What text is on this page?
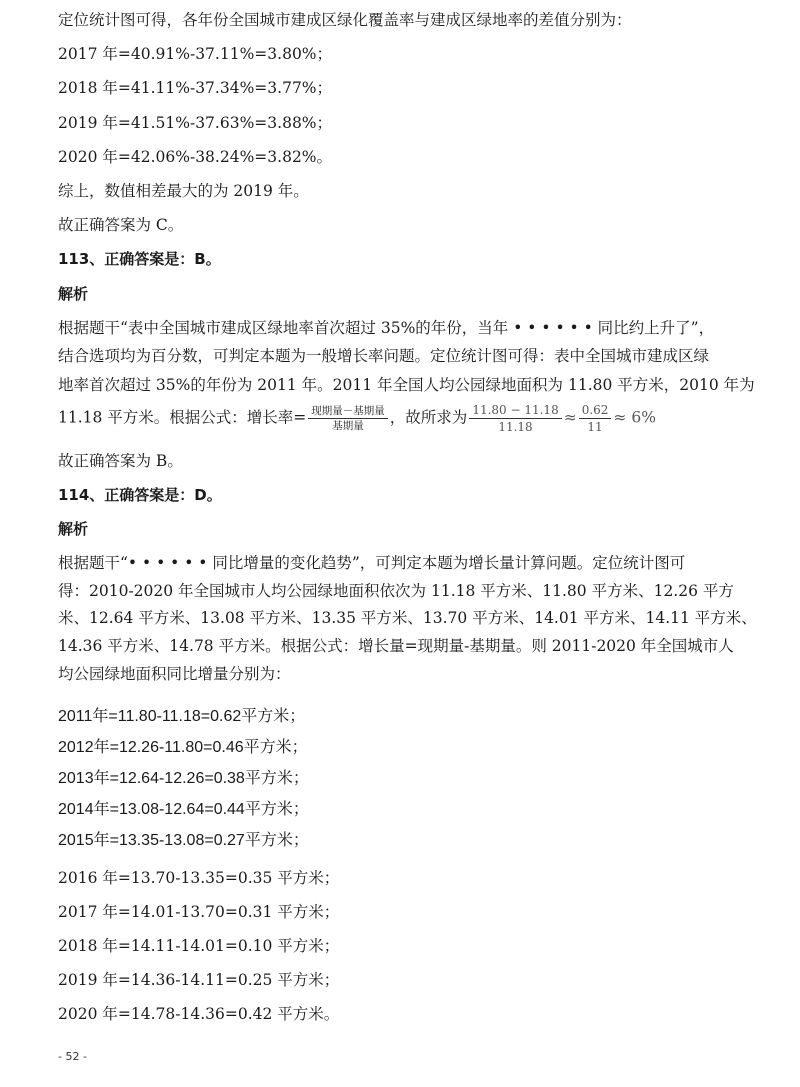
定位统计图可得，各年份全国城市建成区绿化覆盖率与建成区绿地率的差值分别为：
2017 年=40.91%-37.11%=3.80%；
2018 年=41.11%-37.34%=3.77%；
2019 年=41.51%-37.63%=3.88%；
2020 年=42.06%-38.24%=3.82%。
综上，数值相差最大的为 2019 年。
故正确答案为 C。
113、正确答案是：B。
解析
根据题干“表中全国城市建成区绿地率首次超过 35%的年份，当年 • • • • • • 同比约上升了”，
结合选项均为百分数，可判定本题为一般增长率问题。定位统计图可得：表中全国城市建成区绿
地率首次超过 35%的年份为 2011 年。2011 年全国人均公园绿地面积为 11.80 平方米，2010 年为
11.18 平方米。根据公式：增长率= $\frac{\text{现期量－基期量}}{\text{基期量}}$ ，故所求为 $\frac{11.80 - 11.18}{11.18} \approx \frac{0.62}{11} \approx 6\%$
故正确答案为 B。
114、正确答案是：D。
解析
根据题干“• • • • • • 同比增量的变化趋势”，可判定本题为增长量计算问题。定位统计图可
得：2010-2020 年全国城市人均公园绿地面积依次为 11.18 平方米、11.80 平方米、12.26 平方
米、12.64 平方米、13.08 平方米、13.35 平方米、13.70 平方米、14.01 平方米、14.11 平方米、
14.36 平方米、14.78 平方米。根据公式：增长量=现期量-基期量。则 2011-2020 年全国城市人
均公园绿地面积同比增量分别为：
2011年=11.80-11.18=0.62平方米；
2012年=12.26-11.80=0.46平方米；
2013年=12.64-12.26=0.38平方米；
2014年=13.08-12.64=0.44平方米；
2015年=13.35-13.08=0.27平方米；
2016 年=13.70-13.35=0.35 平方米；
2017 年=14.01-13.70=0.31 平方米；
2018 年=14.11-14.01=0.10 平方米；
2019 年=14.36-14.11=0.25 平方米；
2020 年=14.78-14.36=0.42 平方米。
- 52 -
